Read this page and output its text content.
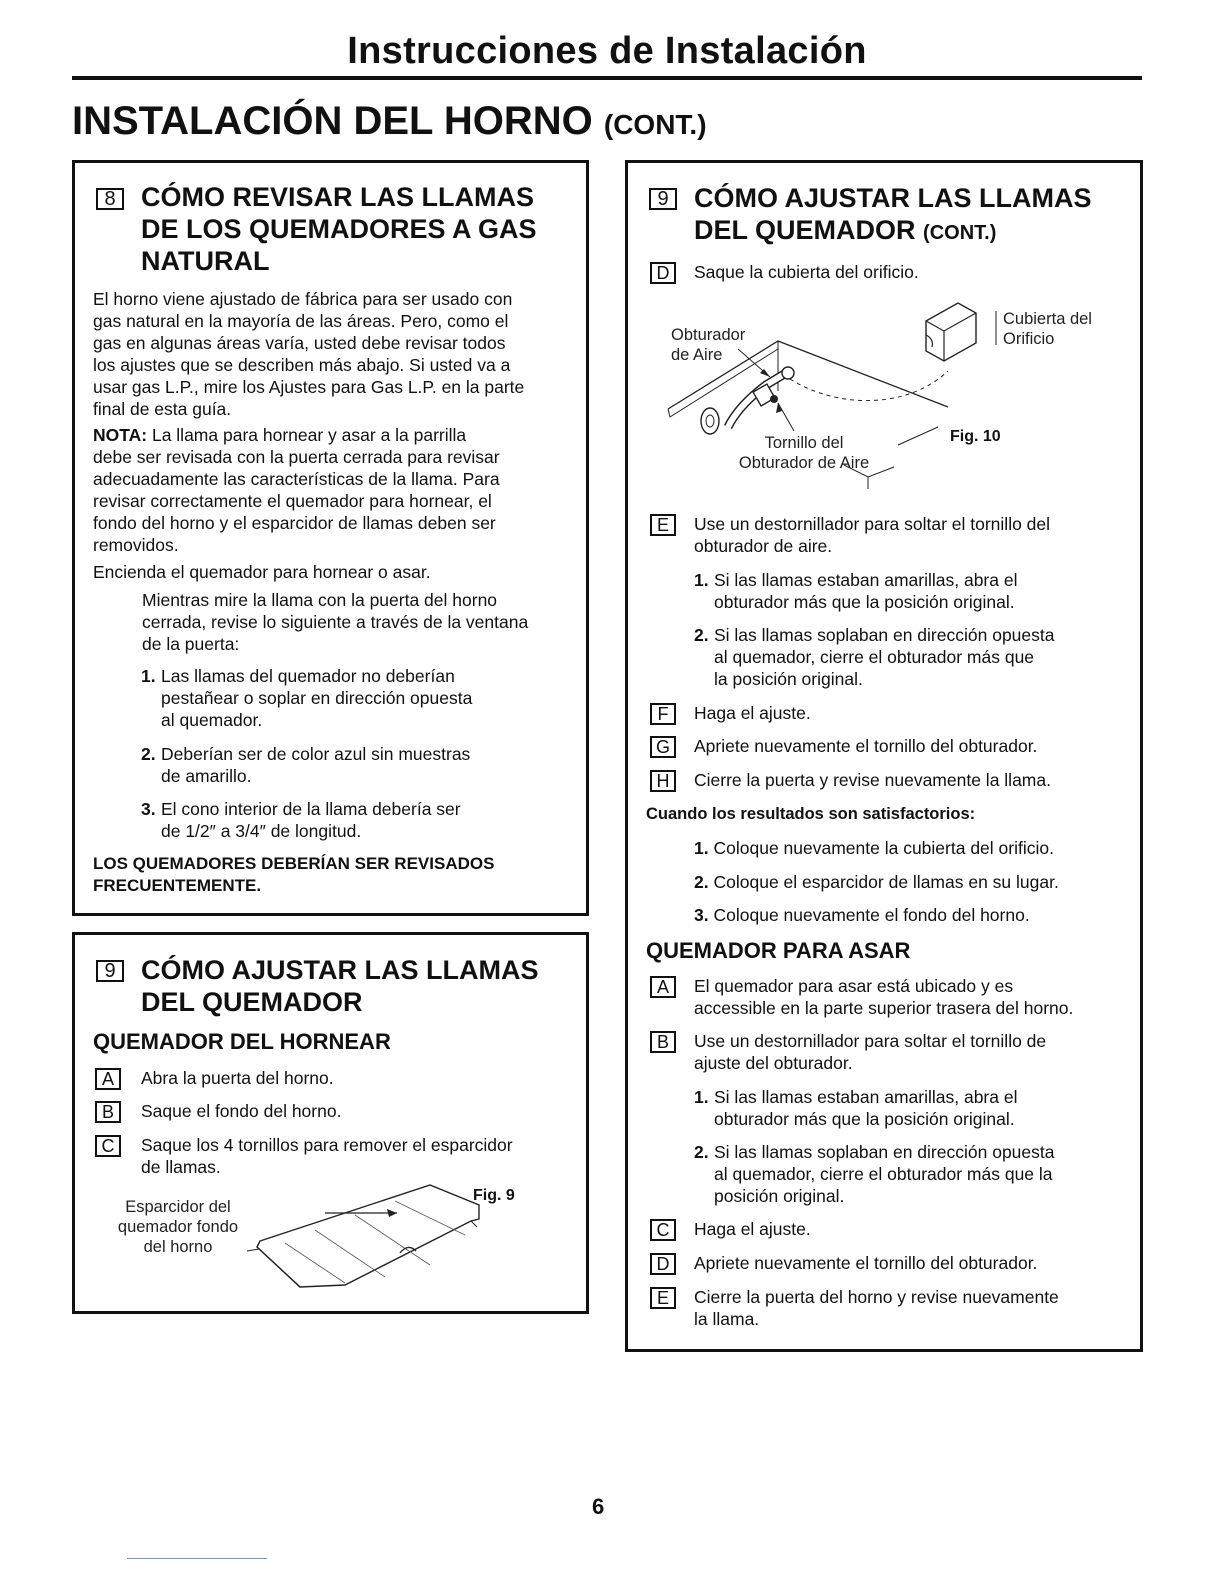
Instrucciones de Instalación
INSTALACIÓN DEL HORNO (CONT.)
8 CÓMO REVISAR LAS LLAMAS
DE LOS QUEMADORES A GAS
NATURAL
El horno viene ajustado de fábrica para ser usado con
gas natural en la mayoría de las áreas. Pero, como el
gas en algunas áreas varía, usted debe revisar todos
los ajustes que se describen más abajo. Si usted va a
usar gas L.P., mire los Ajustes para Gas L.P. en la parte
final de esta guía.
NOTA: La llama para hornear y asar a la parrilla
debe ser revisada con la puerta cerrada para revisar
adecuadamente las características de la llama. Para
revisar correctamente el quemador para hornear, el
fondo del horno y el esparcidor de llamas deben ser
removidos.
Encienda el quemador para hornear o asar.
Mientras mire la llama con la puerta del horno
cerrada, revise lo siguiente a través de la ventana
de la puerta:
1. Las llamas del quemador no deberían
pestañear o soplar en dirección opuesta
al quemador.
2. Deberían ser de color azul sin muestras
de amarillo.
3. El cono interior de la llama debería ser
de 1/2″ a 3/4″ de longitud.
LOS QUEMADORES DEBERÍAN SER REVISADOS
FRECUENTEMENTE.
9 CÓMO AJUSTAR LAS LLAMAS
DEL QUEMADOR
QUEMADOR DEL HORNEAR
A	Abra la puerta del horno.
B	Saque el fondo del horno.
C	Saque los 4 tornillos para remover el esparcidor
de llamas.
Esparcidor del
quemador fondo
del horno
Fig. 9
9 CÓMO AJUSTAR LAS LLAMAS
DEL QUEMADOR (CONT.)
D	Saque la cubierta del orificio.
Obturador
de Aire
Cubierta del
Orificio
Tornillo del
Obturador de Aire
Fig. 10
E	Use un destornillador para soltar el tornillo del
obturador de aire.
1. Si las llamas estaban amarillas, abra el
obturador más que la posición original.
2. Si las llamas soplaban en dirección opuesta
al quemador, cierre el obturador más que
la posición original.
F	Haga el ajuste.
G	Apriete nuevamente el tornillo del obturador.
H	Cierre la puerta y revise nuevamente la llama.
Cuando los resultados son satisfactorios:
1. Coloque nuevamente la cubierta del orificio.
2. Coloque el esparcidor de llamas en su lugar.
3. Coloque nuevamente el fondo del horno.
QUEMADOR PARA ASAR
A	El quemador para asar está ubicado y es
accessible en la parte superior trasera del horno.
B	Use un destornillador para soltar el tornillo de
ajuste del obturador.
1. Si las llamas estaban amarillas, abra el
obturador más que la posición original.
2. Si las llamas soplaban en dirección opuesta
al quemador, cierre el obturador más que la
posición original.
C	Haga el ajuste.
D	Apriete nuevamente el tornillo del obturador.
E	Cierre la puerta del horno y revise nuevamente
la llama.
6
